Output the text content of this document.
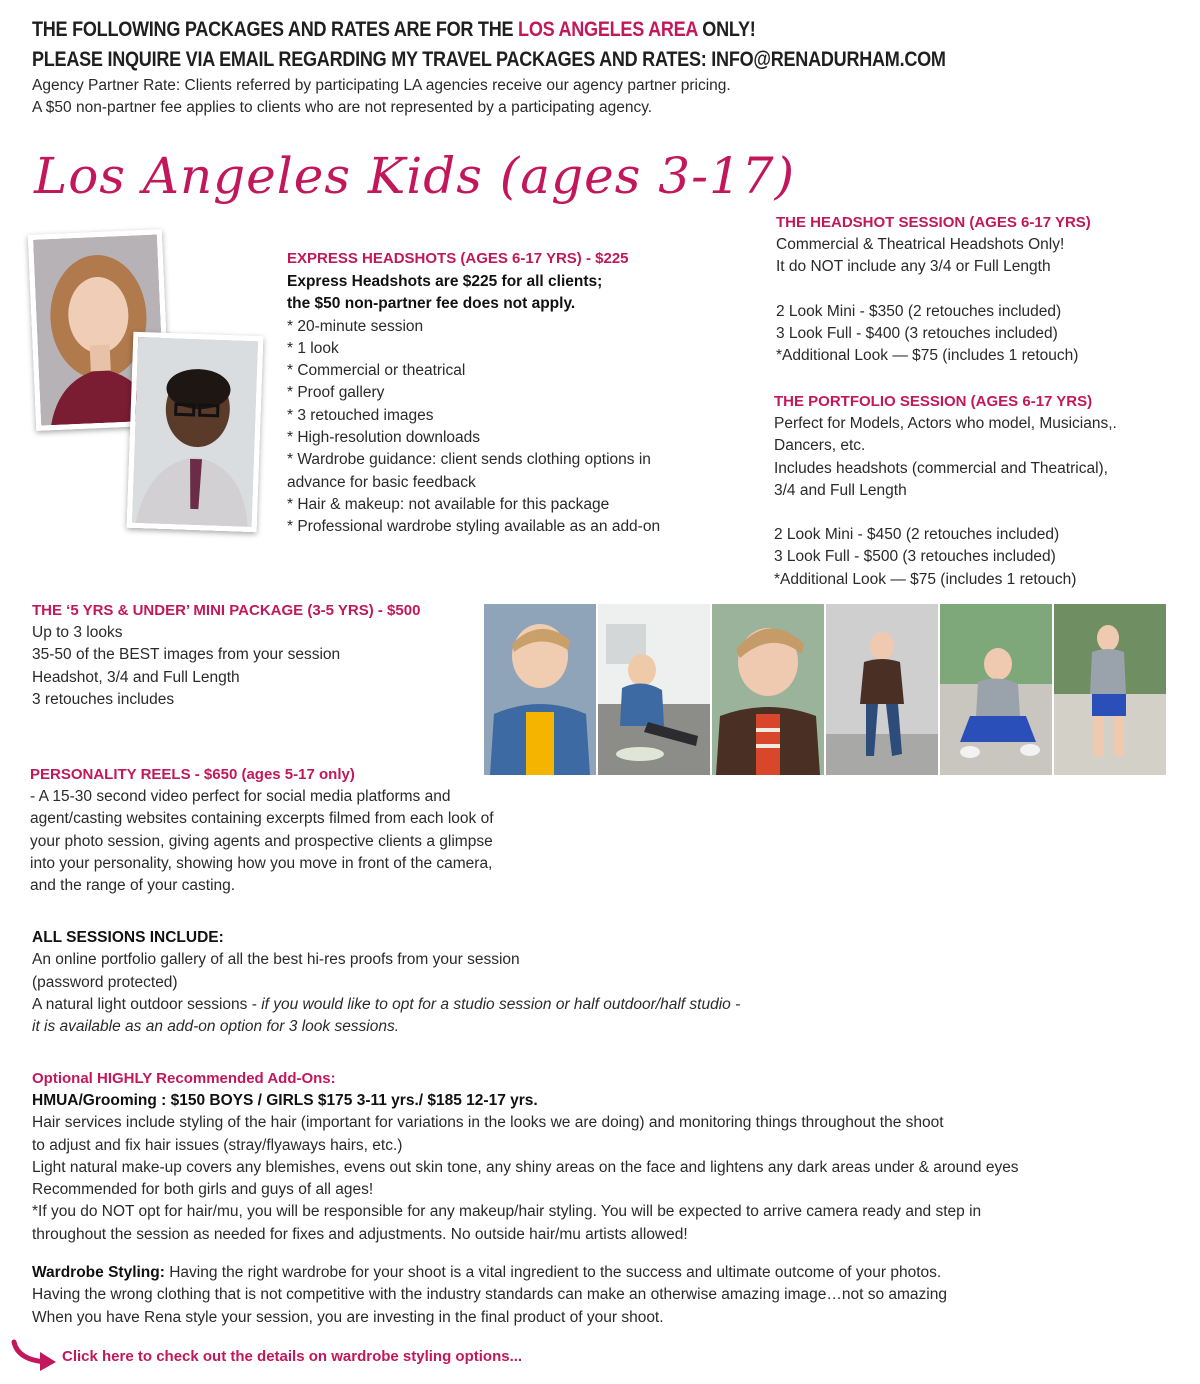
THE FOLLOWING PACKAGES AND RATES ARE FOR THE LOS ANGELES AREA ONLY!
PLEASE INQUIRE VIA EMAIL REGARDING MY TRAVEL PACKAGES AND RATES: INFO@RENADURHAM.COM
Agency Partner Rate: Clients referred by participating LA agencies receive our agency partner pricing.
A $50 non-partner fee applies to clients who are not represented by a participating agency.
Los Angeles Kids (ages 3-17)
EXPRESS HEADSHOTS (AGES 6-17 YRS) - $225
Express Headshots are $225 for all clients;
the $50 non-partner fee does not apply.
* 20-minute session
* 1 look
* Commercial or theatrical
* Proof gallery
* 3 retouched images
* High-resolution downloads
* Wardrobe guidance: client sends clothing options in
advance for basic feedback
* Hair & makeup: not available for this package
* Professional wardrobe styling available as an add-on
THE HEADSHOT SESSION (AGES 6-17 YRS)
Commercial & Theatrical Headshots Only!
It do NOT include any 3/4 or Full Length
2 Look Mini - $350 (2 retouches included)
3 Look Full - $400 (3 retouches included)
*Additional Look — $75 (includes 1 retouch)
THE PORTFOLIO SESSION (AGES 6-17 YRS)
Perfect for Models, Actors who model, Musicians,.
Dancers, etc.
Includes headshots (commercial and Theatrical),
3/4 and Full Length
2 Look Mini - $450 (2 retouches included)
3 Look Full - $500 (3 retouches included)
*Additional Look — $75 (includes 1 retouch)
THE ‘5 YRS & UNDER’ MINI PACKAGE (3-5 YRS) - $500
Up to 3 looks
35-50 of the BEST images from your session
Headshot, 3/4 and Full Length
3 retouches includes
PERSONALITY REELS - $650 (ages 5-17 only)
- A 15-30 second video perfect for social media platforms and
agent/casting websites containing excerpts filmed from each look of
your photo session, giving agents and prospective clients a glimpse
into your personality, showing how you move in front of the camera,
and the range of your casting.
ALL SESSIONS INCLUDE:
An online portfolio gallery of all the best hi-res proofs from your session
(password protected)
A natural light outdoor sessions - if you would like to opt for a studio session or half outdoor/half studio -
it is available as an add-on option for 3 look sessions.
Optional HIGHLY Recommended Add-Ons:
HMUA/Grooming : $150 BOYS / GIRLS $175 3-11 yrs./ $185 12-17 yrs.
Hair services include styling of the hair (important for variations in the looks we are doing) and monitoring things throughout the shoot
to adjust and fix hair issues (stray/flyaways hairs, etc.)
Light natural make-up covers any blemishes, evens out skin tone, any shiny areas on the face and lightens any dark areas under & around eyes
Recommended for both girls and guys of all ages!
*If you do NOT opt for hair/mu, you will be responsible for any makeup/hair styling. You will be expected to arrive camera ready and step in
throughout the session as needed for fixes and adjustments. No outside hair/mu artists allowed!
Wardrobe Styling: Having the right wardrobe for your shoot is a vital ingredient to the success and ultimate outcome of your photos.
Having the wrong clothing that is not competitive with the industry standards can make an otherwise amazing image…not so amazing
When you have Rena style your session, you are investing in the final product of your shoot.
Click here to check out the details on wardrobe styling options...
